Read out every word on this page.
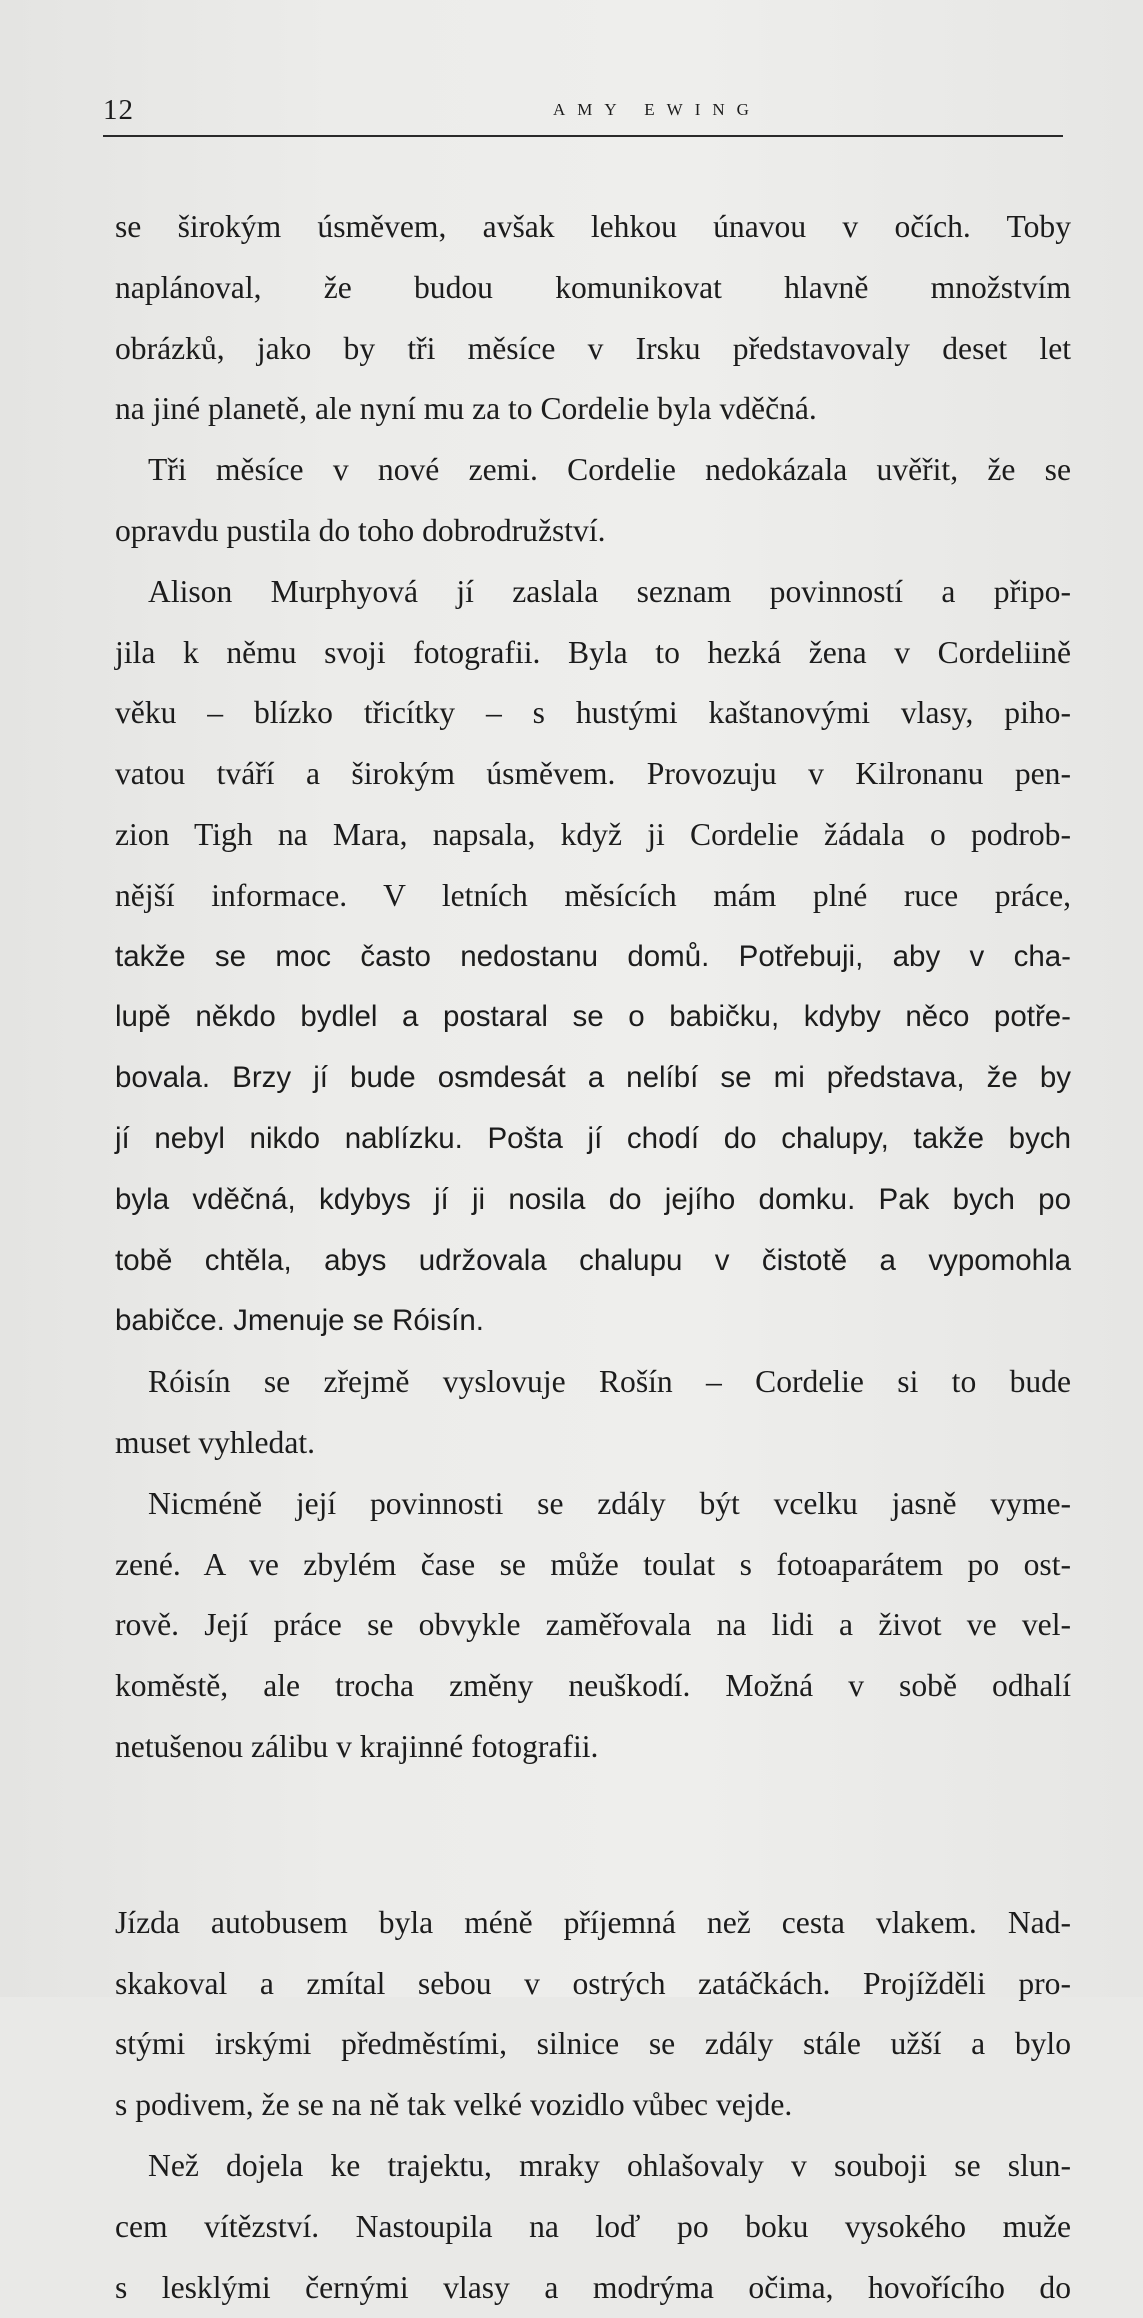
12	AMY EWING
se širokým úsměvem, avšak lehkou únavou v očích. Toby
naplánoval, že budou komunikovat hlavně množstvím
obrázků, jako by tři měsíce v Irsku představovaly deset let
na jiné planetě, ale nyní mu za to Cordelie byla vděčná.
Tři měsíce v nové zemi. Cordelie nedokázala uvěřit, že se
opravdu pustila do toho dobrodružství.
Alison Murphyová jí zaslala seznam povinností a připo-
jila k němu svoji fotografii. Byla to hezká žena v Cordeliině
věku – blízko třicítky – s hustými kaštanovými vlasy, piho-
vatou tváří a širokým úsměvem. Provozuju v Kilronanu pen-
zion Tigh na Mara, napsala, když ji Cordelie žádala o podrob-
nější informace. V letních měsících mám plné ruce práce,
takže se moc často nedostanu domů. Potřebuji, aby v cha-
lupě někdo bydlel a postaral se o babičku, kdyby něco potře-
bovala. Brzy jí bude osmdesát a nelíbí se mi představa, že by
jí nebyl nikdo nablízku. Pošta jí chodí do chalupy, takže bych
byla vděčná, kdybys jí ji nosila do jejího domku. Pak bych po
tobě chtěla, abys udržovala chalupu v čistotě a vypomohla
babičce. Jmenuje se Róisín.
Róisín se zřejmě vyslovuje Rošín – Cordelie si to bude
muset vyhledat.
Nicméně její povinnosti se zdály být vcelku jasně vyme-
zené. A ve zbylém čase se může toulat s fotoaparátem po ost-
rově. Její práce se obvykle zaměřovala na lidi a život ve vel-
koměstě, ale trocha změny neuškodí. Možná v sobě odhalí
netušenou zálibu v krajinné fotografii.
Jízda autobusem byla méně příjemná než cesta vlakem. Nad-
skakoval a zmítal sebou v ostrých zatáčkách. Projížděli pro-
stými irskými předměstími, silnice se zdály stále užší a bylo
s podivem, že se na ně tak velké vozidlo vůbec vejde.
Než dojela ke trajektu, mraky ohlašovaly v souboji se slun-
cem vítězství. Nastoupila na loď po boku vysokého muže
s lesklými černými vlasy a modrýma očima, hovořícího do
